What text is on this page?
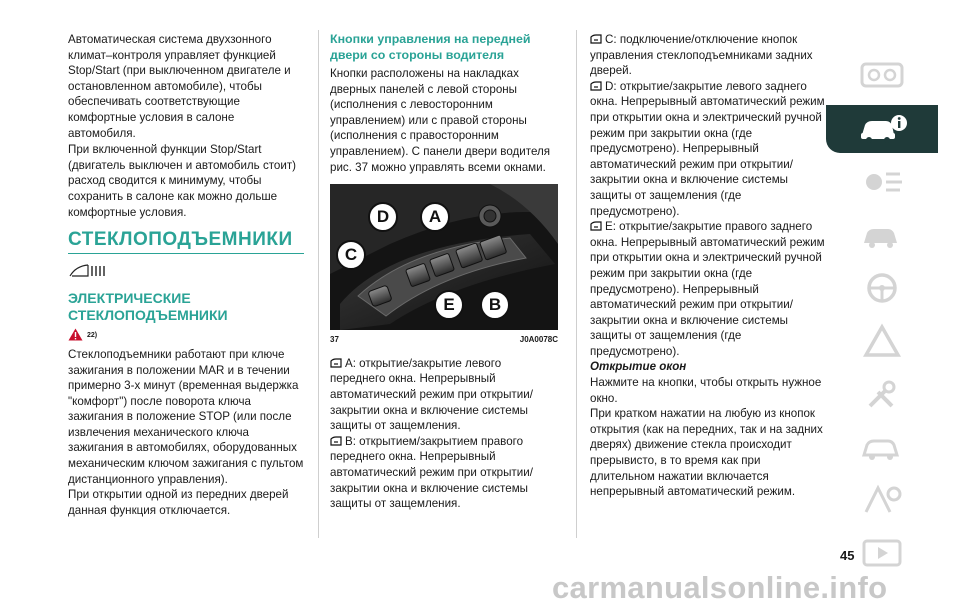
Автоматическая система двухзонного климат–контроля управляет функцией Stop/Start (при выключенном двигателе и остановленном автомобиле), чтобы обеспечивать соответствующие комфортные условия в салоне автомобиля.

При включенной функции Stop/Start (двигатель выключен и автомобиль стоит) расход сводится к минимуму, чтобы сохранить в салоне как можно дольше комфортные условия.

СТЕКЛОПОДЪЕМНИКИ
ЭЛЕКТРИЧЕСКИЕ СТЕКЛОПОДЪЕМНИКИ
22)

Стеклоподъемники работают при ключе зажигания в положении MAR и в течении примерно 3-х минут (временная выдержка "комфорт") после поворота ключа зажигания в положение STOP (или после извлечения механического ключа зажигания в автомобилях, оборудованных механическим ключом зажигания с пультом дистанционного управления).

При открытии одной из передних дверей данная функция отключается.

Кнопки управления на передней двери со стороны водителя

Кнопки расположены на накладках дверных панелей с левой стороны (исполнения с левосторонним управлением) или с правой стороны (исполнения с правосторонним управлением). С панели двери водителя рис. 37 можно управлять всеми окнами.

D	A
C
E	B
37	J0A0078C

A: открытие/закрытие левого переднего окна. Непрерывный автоматический режим при открытии/закрытии окна и включение системы защиты от защемления.

B: открытием/закрытием правого переднего окна. Непрерывный автоматический режим при открытии/закрытии окна и включение системы защиты от защемления.

C: подключение/отключение кнопок управления стеклоподъемниками задних дверей.

D: открытие/закрытие левого заднего окна. Непрерывный автоматический режим при открытии окна и электрический ручной режим при закрытии окна (где предусмотрено). Непрерывный автоматический режим при открытии/закрытии окна и включение системы защиты от защемления (где предусмотрено).

E: открытие/закрытие правого заднего окна. Непрерывный автоматический режим при открытии окна и электрический ручной режим при закрытии окна (где предусмотрено). Непрерывный автоматический режим при открытии/закрытии окна и включение системы защиты от защемления (где предусмотрено).

Открытие окон

Нажмите на кнопки, чтобы открыть нужное окно.

При кратком нажатии на любую из кнопок открытия (как на передних, так и на задних дверях) движение стекла происходит прерывисто, в то время как при длительном нажатии включается непрерывный автоматический режим.

45
carmanualsonline.info
